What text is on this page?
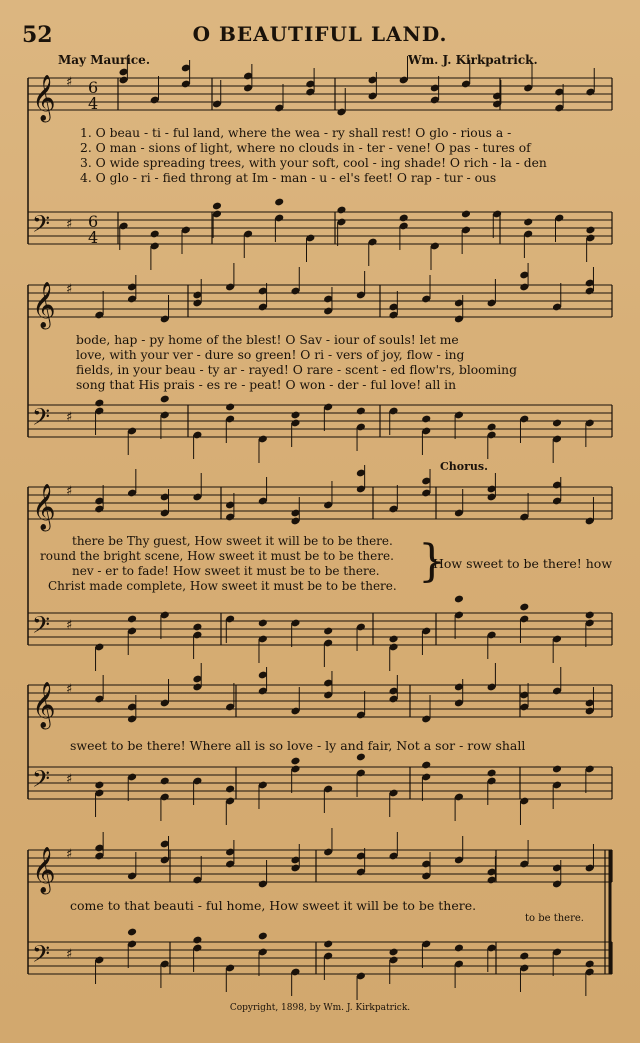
52	O BEAUTIFUL LAND.
May Maurice.	Wm. J. Kirkpatrick.
𝄞
𝄢
♯
♯
6
4
6
4
𝄞
𝄢
♯
♯
𝄞
𝄢
♯
♯
𝄞
𝄢
♯
♯
𝄞
𝄢
♯
♯
1. O beau - ti - ful land, where the wea - ry shall rest! O glo - rious a -
2. O man - sions of light, where no clouds in - ter - vene! O pas - tures of
3. O wide spreading trees, with your soft, cool - ing shade! O rich - la - den
4. O glo - ri - fied throng at Im - man - u - el's feet! O rap - tur - ous
bode, hap - py home of the blest! O Sav - iour of souls! let me
love, with your ver - dure so green! O ri - vers of joy, flow - ing
fields, in your beau - ty ar - rayed! O rare - scent - ed flow'rs, blooming
song that His prais - es re - peat! O won - der - ful love! all in
Chorus.
there be Thy guest, How sweet it will be to be there.
round the bright scene, How sweet it must be to be there.
nev - er to fade! How sweet it must be to be there.
Christ made complete, How sweet it must be to be there. }
How sweet to be there! how
sweet to be there! Where all is so love - ly and fair, Not a sor - row shall
come to that beauti - ful home, How sweet it will be to be there.
to be there.
Copyright, 1898, by Wm. J. Kirkpatrick.
